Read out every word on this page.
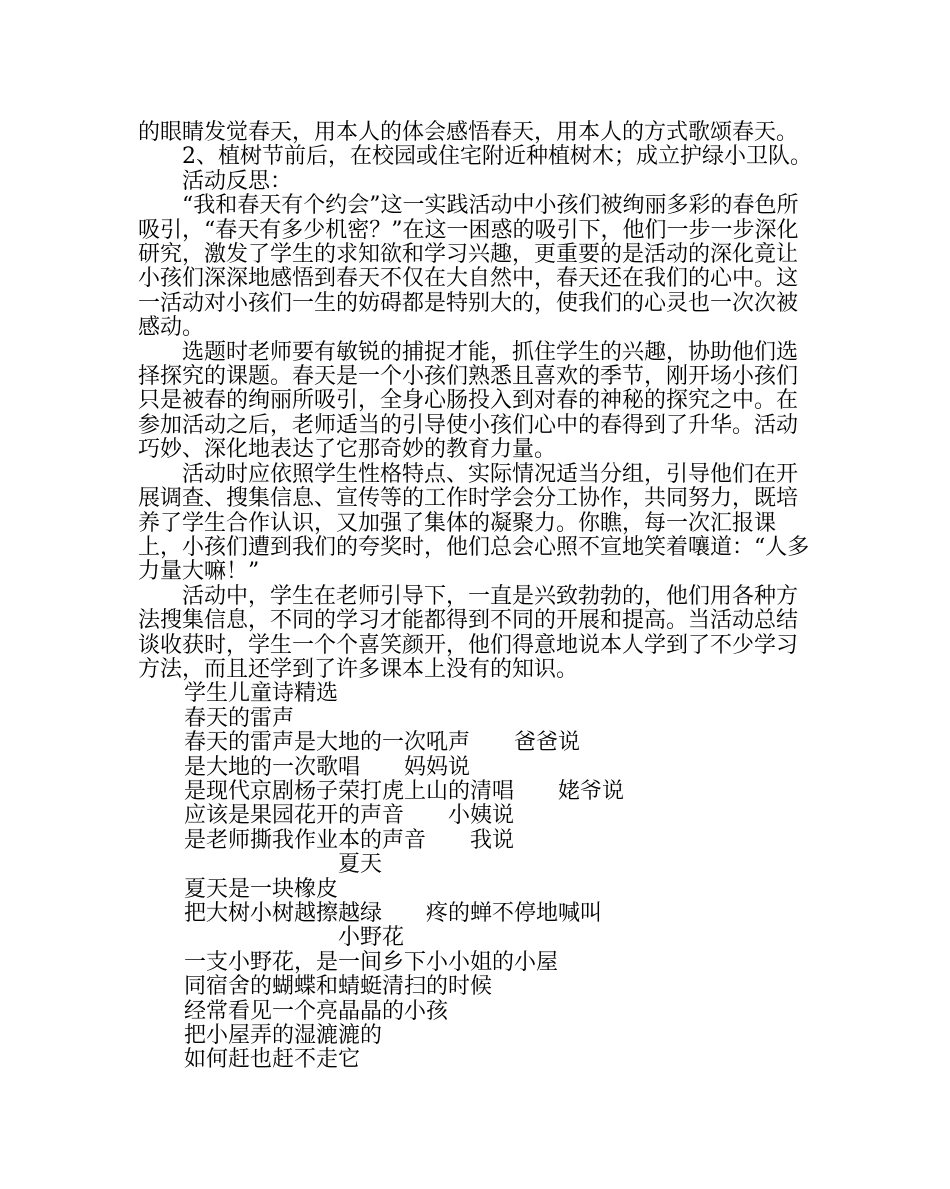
的眼睛发觉春天，用本人的体会感悟春天，用本人的方式歌颂春天。

2、植树节前后，在校园或住宅附近种植树木；成立护绿小卫队。

活动反思：

“我和春天有个约会”这一实践活动中小孩们被绚丽多彩的春色所吸引，“春天有多少机密？”在这一困惑的吸引下，他们一步一步深化研究，激发了学生的求知欲和学习兴趣，更重要的是活动的深化竟让小孩们深深地感悟到春天不仅在大自然中，春天还在我们的心中。这一活动对小孩们一生的妨碍都是特别大的，使我们的心灵也一次次被感动。

选题时老师要有敏锐的捕捉才能，抓住学生的兴趣，协助他们选择探究的课题。春天是一个小孩们熟悉且喜欢的季节，刚开场小孩们只是被春的绚丽所吸引，全身心肠投入到对春的神秘的探究之中。在参加活动之后，老师适当的引导使小孩们心中的春得到了升华。活动巧妙、深化地表达了它那奇妙的教育力量。

活动时应依照学生性格特点、实际情况适当分组，引导他们在开展调查、搜集信息、宣传等的工作时学会分工协作，共同努力，既培养了学生合作认识，又加强了集体的凝聚力。你瞧，每一次汇报课上，小孩们遭到我们的夸奖时，他们总会心照不宣地笑着嚷道：“人多力量大嘛！”

活动中，学生在老师引导下，一直是兴致勃勃的，他们用各种方法搜集信息，不同的学习才能都得到不同的开展和提高。当活动总结谈收获时，学生一个个喜笑颜开，他们得意地说本人学到了不少学习方法，而且还学到了许多课本上没有的知识。

学生儿童诗精选

春天的雷声

春天的雷声是大地的一次吼声　　爸爸说

是大地的一次歌唱　　妈妈说

是现代京剧杨子荣打虎上山的清唱　　姥爷说

应该是果园花开的声音　　小姨说

是老师撕我作业本的声音　　我说

夏天

夏天是一块橡皮

把大树小树越擦越绿　　疼的蝉不停地喊叫

小野花

一支小野花，是一间乡下小小姐的小屋

同宿舍的蝴蝶和蜻蜓清扫的时候

经常看见一个亮晶晶的小孩

把小屋弄的湿漉漉的

如何赶也赶不走它
